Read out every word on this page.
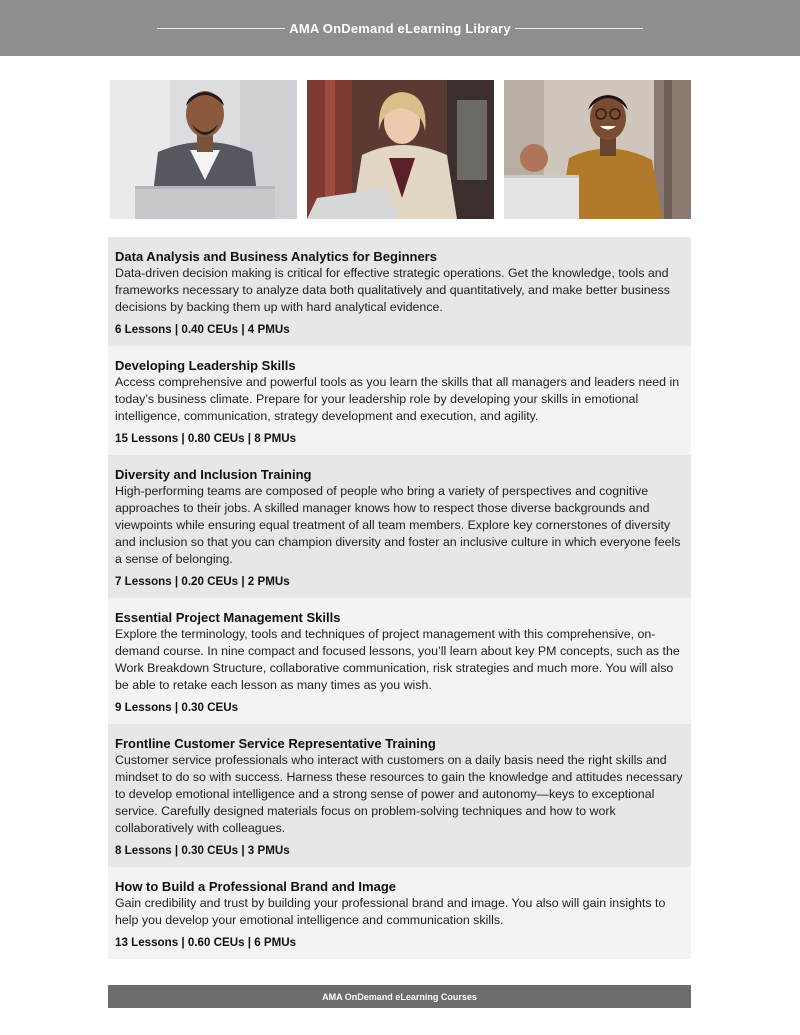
AMA OnDemand eLearning Library
Data Analysis and Business Analytics for Beginners
Data-driven decision making is critical for effective strategic operations. Get the knowledge, tools and frameworks necessary to analyze data both qualitatively and quantitatively, and make better business decisions by backing them up with hard analytical evidence.
6 Lessons | 0.40 CEUs | 4 PMUs
Developing Leadership Skills
Access comprehensive and powerful tools as you learn the skills that all managers and leaders need in today’s business climate. Prepare for your leadership role by developing your skills in emotional intelligence, communication, strategy development and execution, and agility.
15 Lessons | 0.80 CEUs | 8 PMUs
Diversity and Inclusion Training
High-performing teams are composed of people who bring a variety of perspectives and cognitive approaches to their jobs. A skilled manager knows how to respect those diverse backgrounds and viewpoints while ensuring equal treatment of all team members. Explore key cornerstones of diversity and inclusion so that you can champion diversity and foster an inclusive culture in which everyone feels a sense of belonging.
7 Lessons | 0.20 CEUs | 2 PMUs
Essential Project Management Skills
Explore the terminology, tools and techniques of project management with this comprehensive, on-demand course. In nine compact and focused lessons, you’ll learn about key PM concepts, such as the Work Breakdown Structure, collaborative communication, risk strategies and much more. You will also be able to retake each lesson as many times as you wish.
9 Lessons | 0.30 CEUs
Frontline Customer Service Representative Training
Customer service professionals who interact with customers on a daily basis need the right skills and mindset to do so with success. Harness these resources to gain the knowledge and attitudes necessary to develop emotional intelligence and a strong sense of power and autonomy—keys to exceptional service. Carefully designed materials focus on problem-solving techniques and how to work collaboratively with colleagues.
8 Lessons | 0.30 CEUs | 3 PMUs
How to Build a Professional Brand and Image
Gain credibility and trust by building your professional brand and image. You also will gain insights to help you develop your emotional intelligence and communication skills.
13 Lessons | 0.60 CEUs | 6 PMUs
AMA OnDemand eLearning Courses
